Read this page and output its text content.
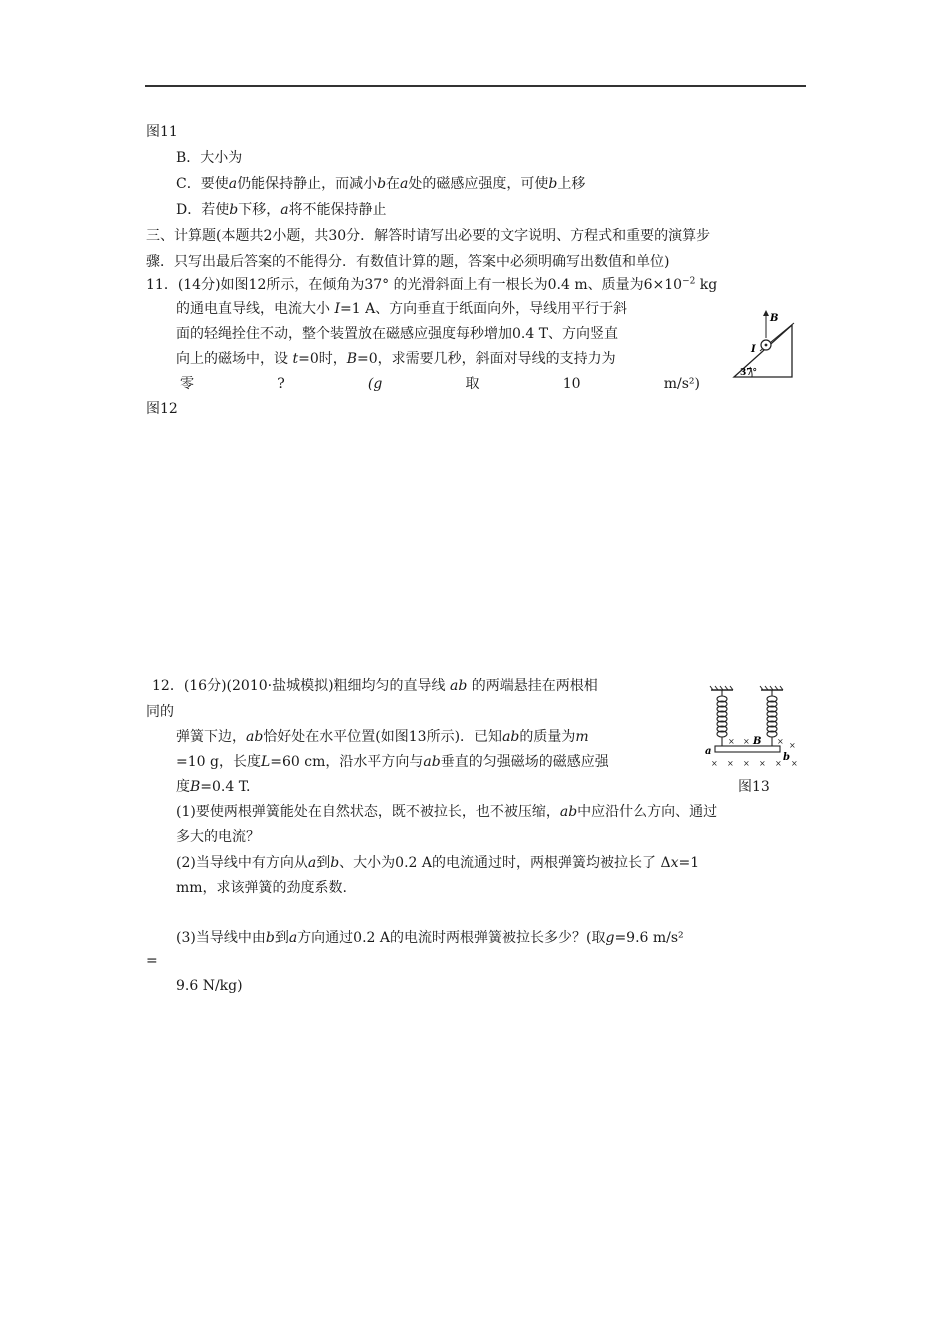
图11
B．大小为
C．要使a仍能保持静止，而减小b在a处的磁感应强度，可使b上移
D．若使b下移，a将不能保持静止
三、计算题(本题共2小题，共30分．解答时请写出必要的文字说明、方程式和重要的演算步
骤．只写出最后答案的不能得分．有数值计算的题，答案中必须明确写出数值和单位)
11．(14分)如图12所示，在倾角为37° 的光滑斜面上有一根长为0.4 m、质量为$6\times 10^{-2}$ kg
的通电直导线，电流大小 I=1 A、方向垂直于纸面向外，导线用平行于斜
面的轻绳拴住不动，整个装置放在磁感应强度每秒增加0.4 T、方向竖直
向上的磁场中，设 t=0时，B=0，求需要几秒，斜面对导线的支持力为
零	?	(g	取	10	m/s²)
图12
B
I
37°
12．(16分)(2010·盐城模拟)粗细均匀的直导线 ab 的两端悬挂在两根相
同的
弹簧下边，ab恰好处在水平位置(如图13所示)．已知ab的质量为m
=10 g，长度L=60 cm，沿水平方向与ab垂直的匀强磁场的磁感应强
度B=0.4 T.	图13
(1)要使两根弹簧能处在自然状态，既不被拉长，也不被压缩，ab中应沿什么方向、通过
多大的电流？
(2)当导线中有方向从a到b、大小为0.2 A的电流通过时，两根弹簧均被拉长了 Δx=1
mm，求该弹簧的劲度系数.
(3)当导线中由b到a方向通过0.2 A的电流时两根弹簧被拉长多少？(取g=9.6 m/s²
=
9.6 N/kg)
a
b
B
× ×	× ×
× × × × × ×
